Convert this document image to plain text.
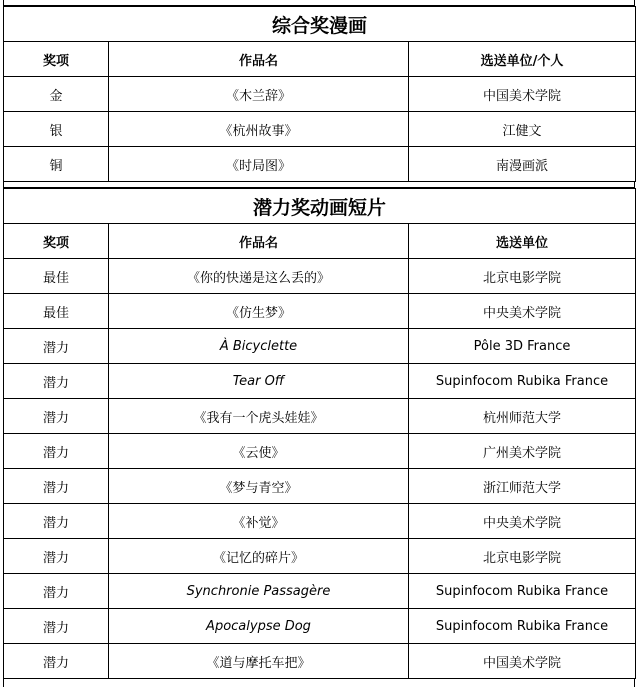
综合奖漫画		
奖项	作品名	选送单位/个人
金	《木兰辞》	中国美术学院
银	《杭州故事》	江健文
铜	《时局图》	南漫画派
潜力奖动画短片		
奖项	作品名	选送单位
最佳	《你的快递是这么丢的》	北京电影学院
最佳	《仿生梦》	中央美术学院
潜力	À Bicyclette	Pôle 3D France
潜力	Tear Off	Supinfocom Rubika France
潜力	《我有一个虎头娃娃》	杭州师范大学
潜力	《云使》	广州美术学院
潜力	《梦与青空》	浙江师范大学
潜力	《补觉》	中央美术学院
潜力	《记忆的碎片》	北京电影学院
潜力	Synchronie Passagère	Supinfocom Rubika France
潜力	Apocalypse Dog	Supinfocom Rubika France
潜力	《道与摩托车把》	中国美术学院
